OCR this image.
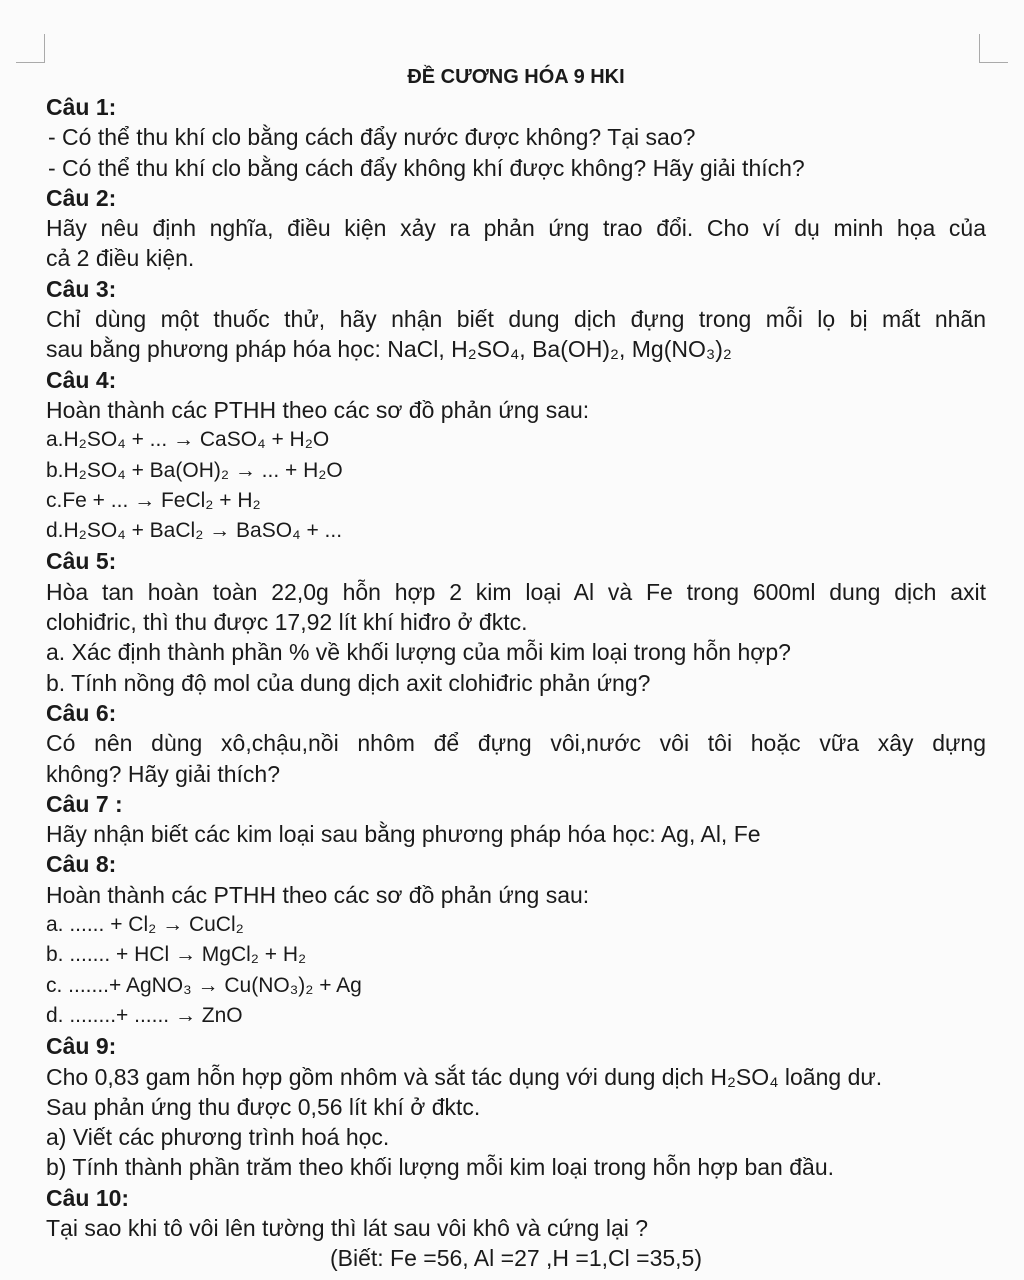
ĐỀ CƯƠNG HÓA 9 HKI
Câu 1:
- Có thể thu khí clo bằng cách đẩy nước được không? Tại sao?
- Có thể thu khí clo bằng cách đẩy không khí được không? Hãy giải thích?
Câu 2:
Hãy nêu định nghĩa, điều kiện xảy ra phản ứng trao đổi. Cho ví dụ minh họa của
cả 2 điều kiện.
Câu 3:
Chỉ dùng một thuốc thử, hãy nhận biết dung dịch đựng trong mỗi lọ bị mất nhãn
sau bằng phương pháp hóa học: NaCl, H₂SO₄, Ba(OH)₂, Mg(NO₃)₂
Câu 4:
Hoàn thành các PTHH theo các sơ đồ phản ứng sau:
a.H₂SO₄ + ... → CaSO₄ + H₂O
b.H₂SO₄ + Ba(OH)₂ → ... + H₂O
c.Fe + ... → FeCl₂ + H₂
d.H₂SO₄ + BaCl₂ → BaSO₄ + ...
Câu 5:
Hòa tan hoàn toàn 22,0g hỗn hợp 2 kim loại Al và Fe trong 600ml dung dịch axit
clohiđric, thì thu được 17,92 lít khí hiđro ở đktc.
a. Xác định thành phần % về khối lượng của mỗi kim loại trong hỗn hợp?
b. Tính nồng độ mol của dung dịch axit clohiđric phản ứng?
Câu 6:
Có nên dùng xô,chậu,nồi nhôm để đựng vôi,nước vôi tôi hoặc vữa xây dựng
không? Hãy giải thích?
Câu 7 :
Hãy nhận biết các kim loại sau bằng phương pháp hóa học: Ag, Al, Fe
Câu 8:
Hoàn thành các PTHH theo các sơ đồ phản ứng sau:
a. ...... + Cl₂ → CuCl₂
b. ....... + HCl → MgCl₂ + H₂
c. .......+ AgNO₃ → Cu(NO₃)₂ + Ag
d. ........+ ...... → ZnO
Câu 9:
Cho 0,83 gam hỗn hợp gồm nhôm và sắt tác dụng với dung dịch H₂SO₄ loãng dư.
Sau phản ứng thu được 0,56 lít khí ở đktc.
a) Viết các phương trình hoá học.
b) Tính thành phần trăm theo khối lượng mỗi kim loại trong hỗn hợp ban đầu.
Câu 10:
Tại sao khi tô vôi lên tường thì lát sau vôi khô và cứng lại ?
(Biết: Fe =56, Al =27 ,H =1,Cl =35,5)
